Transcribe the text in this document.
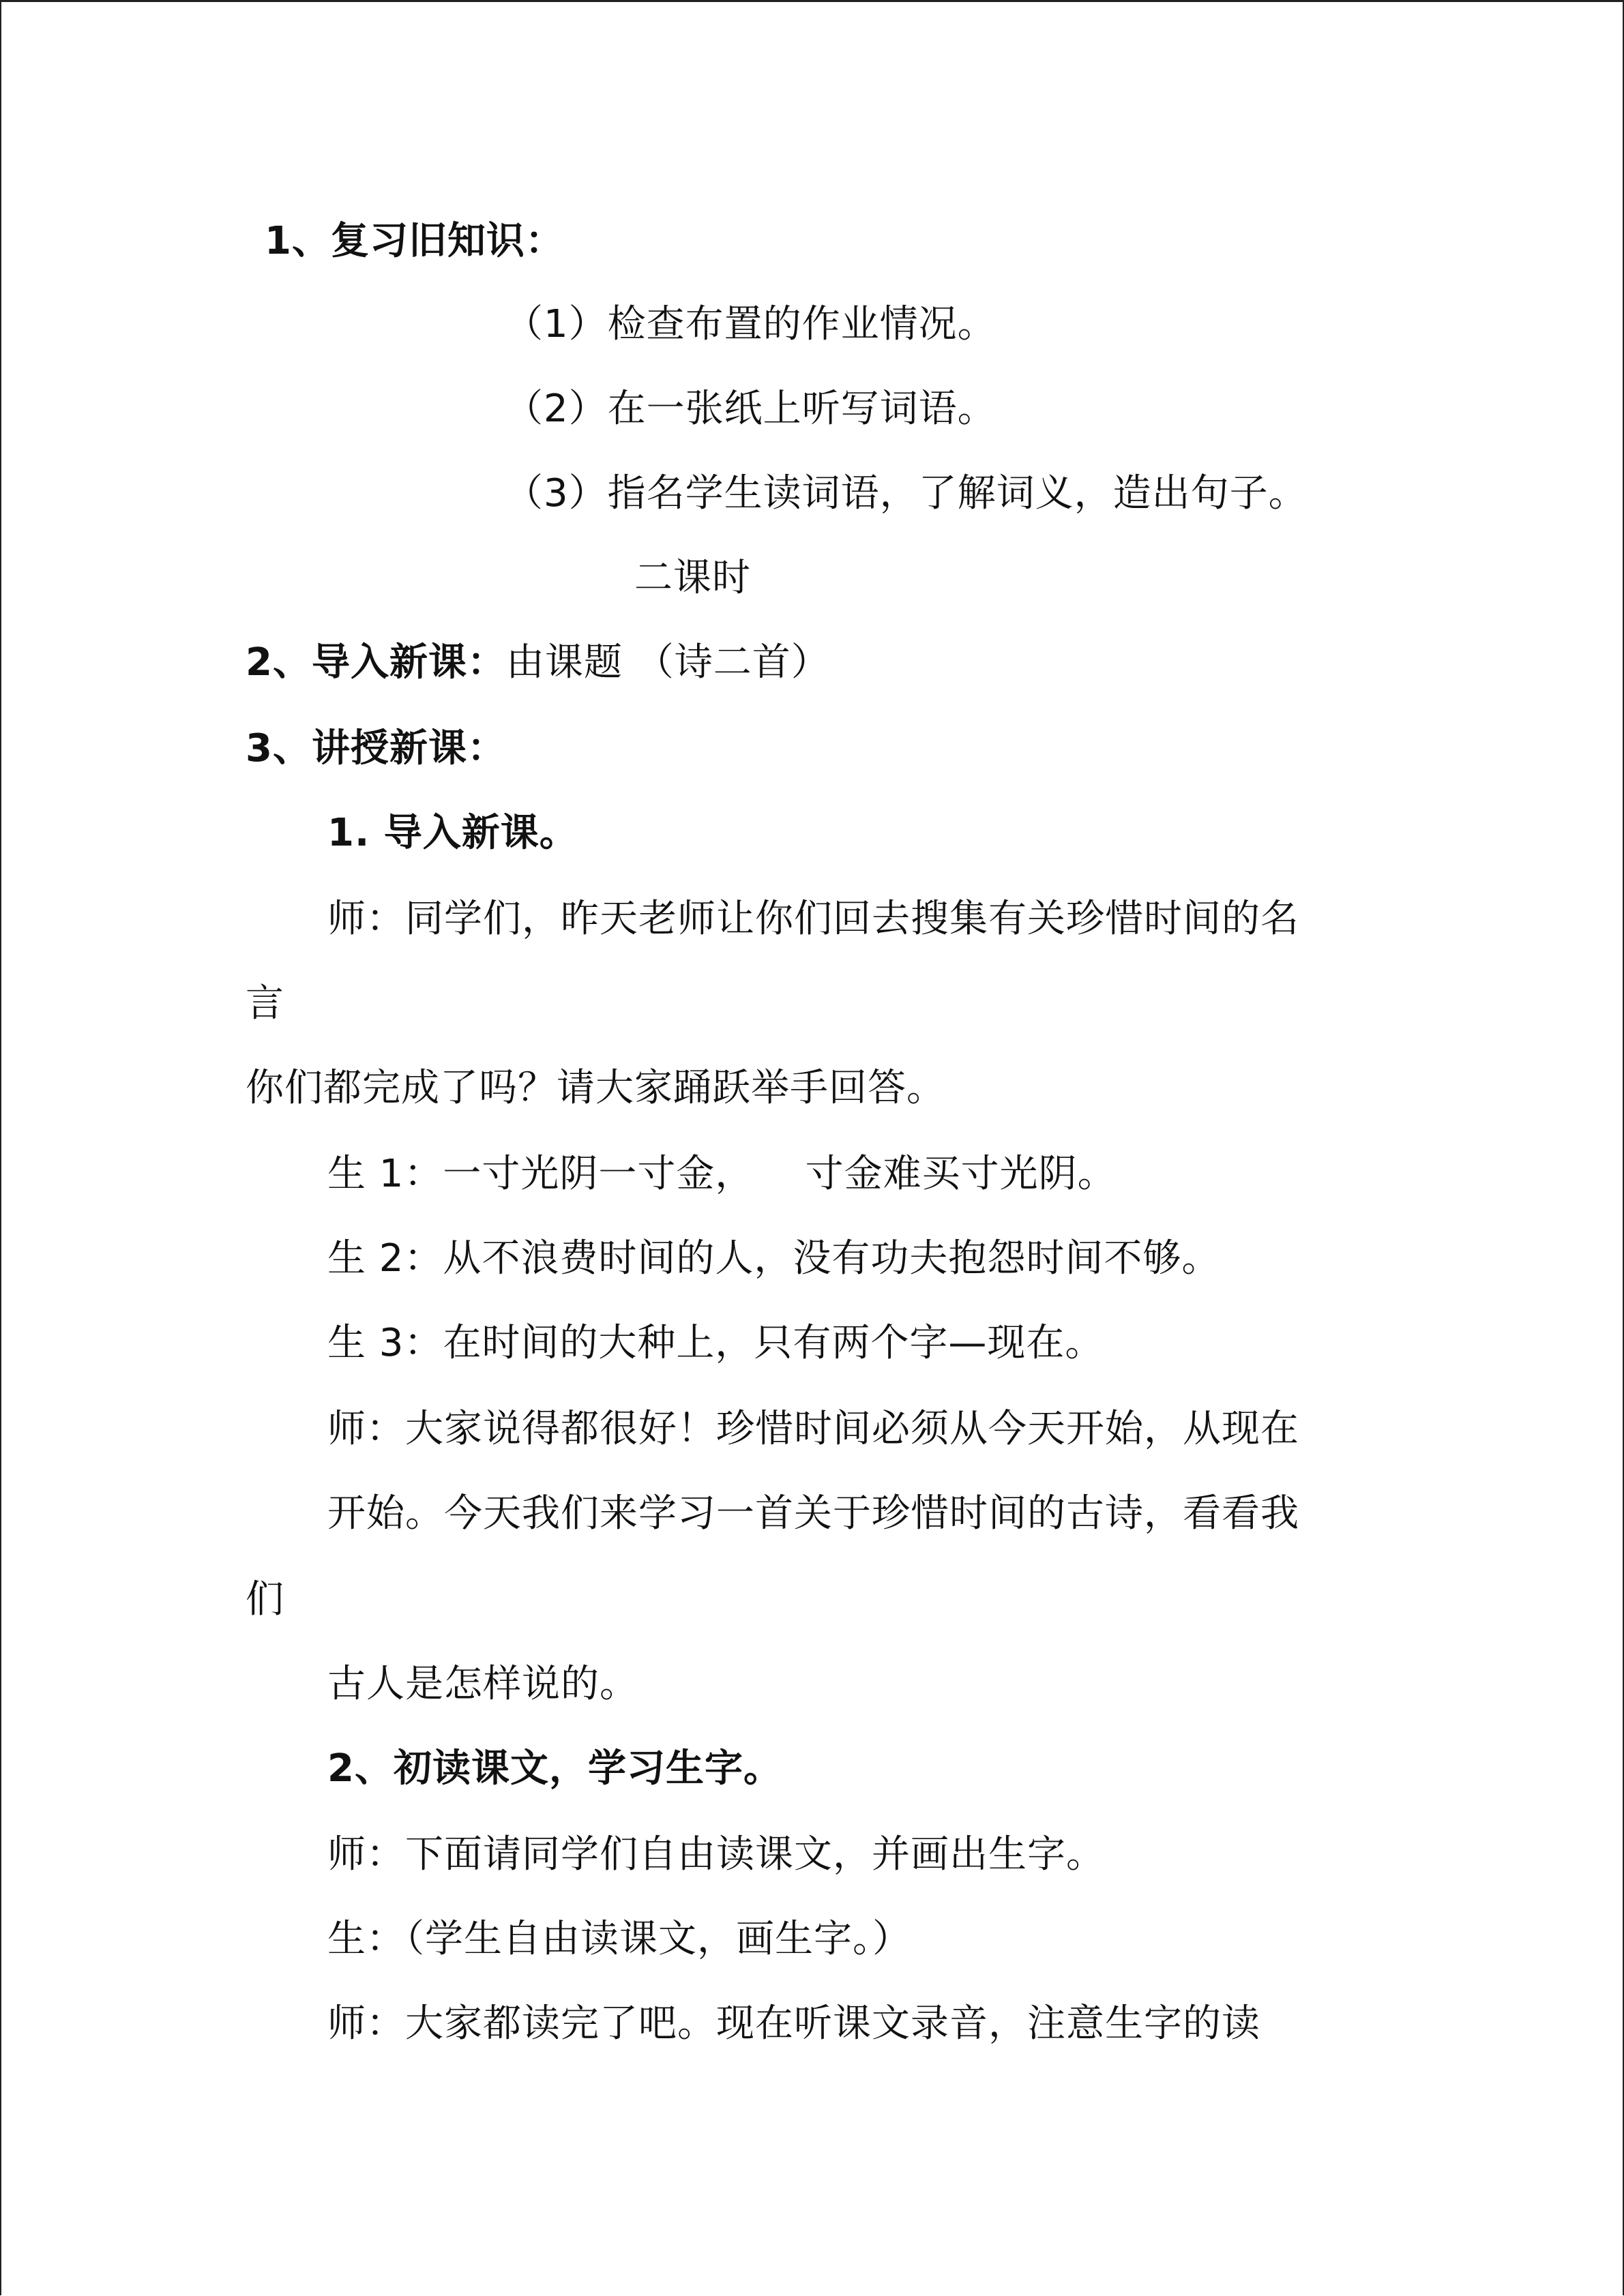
1、复习旧知识：
（1）检查布置的作业情况。
（2）在一张纸上听写词语。
（3）指名学生读词语，了解词义，造出句子。
二课时
2、导入新课：由课题 （诗二首）
3、讲授新课：
1. 导入新课。
师：同学们，昨天老师让你们回去搜集有关珍惜时间的名
言
你们都完成了吗？请大家踊跃举手回答。
生 1：一寸光阴一寸金，    寸金难买寸光阴。
生 2：从不浪费时间的人，没有功夫抱怨时间不够。
生 3：在时间的大种上，只有两个字—现在。
师：大家说得都很好！珍惜时间必须从今天开始，从现在
开始。今天我们来学习一首关于珍惜时间的古诗，看看我
们
古人是怎样说的。
2、初读课文，学习生字。
师：下面请同学们自由读课文，并画出生字。
生：（学生自由读课文，画生字。）
师：大家都读完了吧。现在听课文录音，注意生字的读
